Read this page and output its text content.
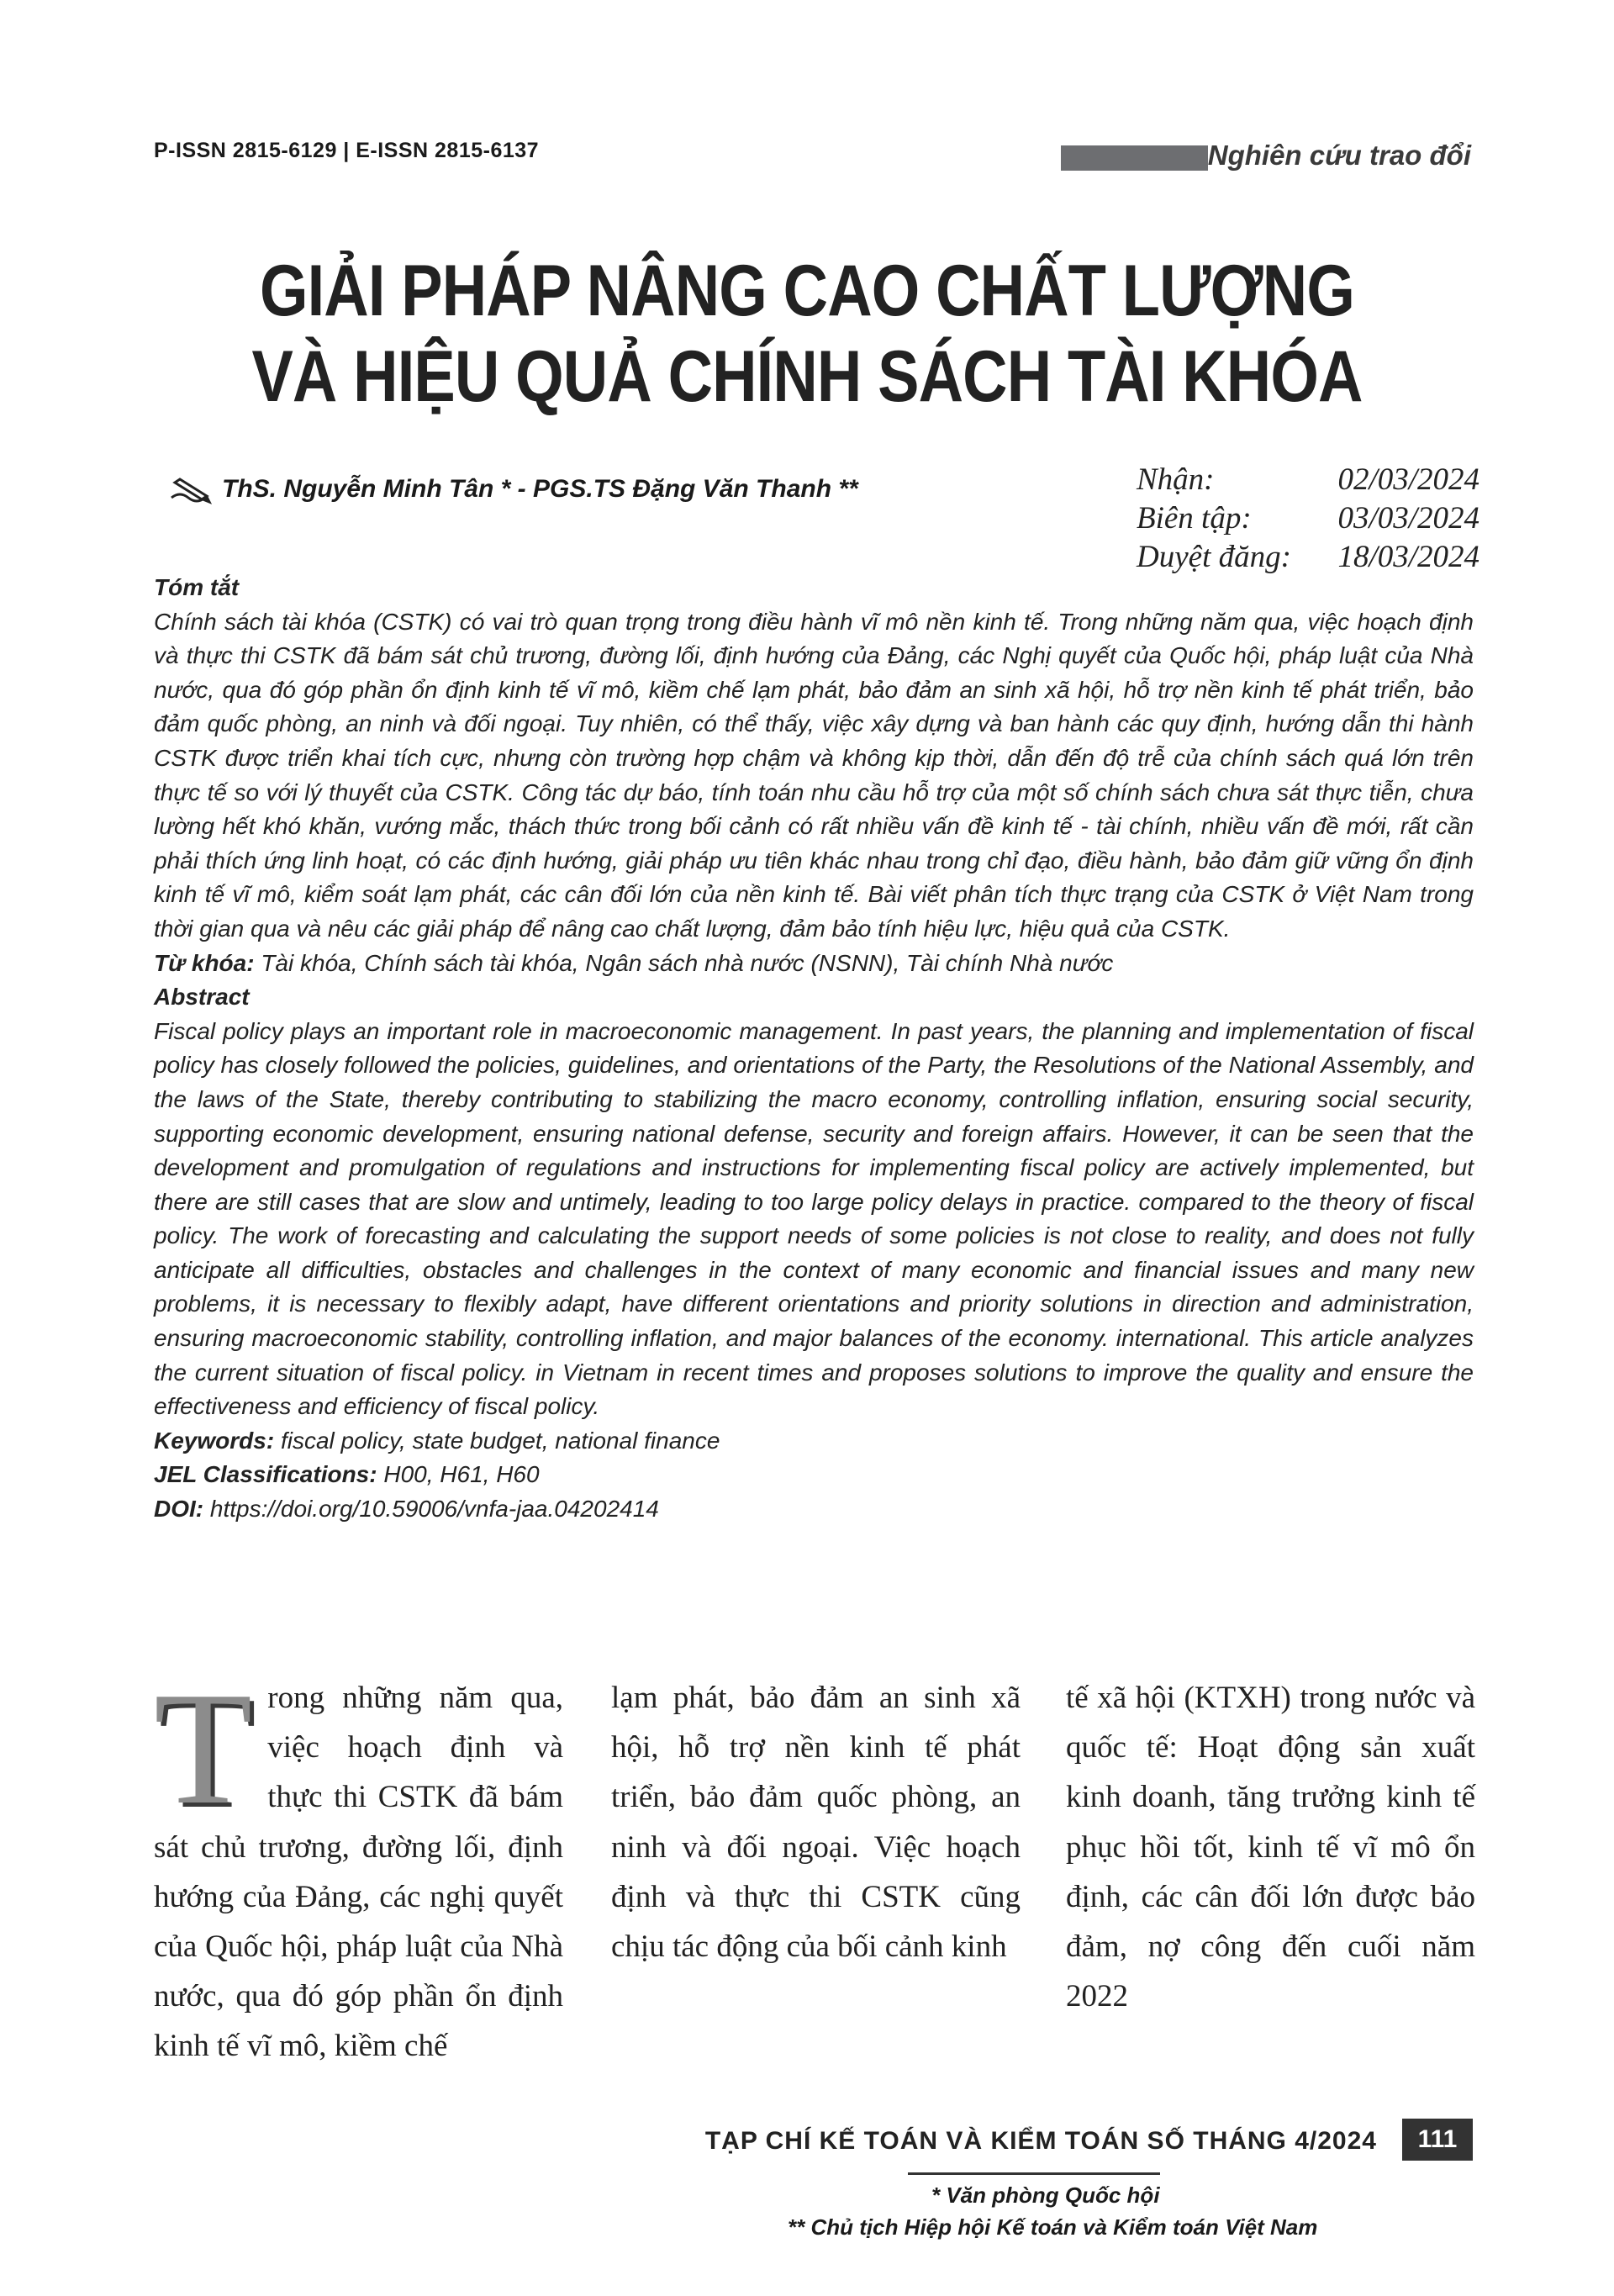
P-ISSN 2815-6129 | E-ISSN 2815-6137	Nghiên cứu trao đổi
GIẢI PHÁP NÂNG CAO CHẤT LƯỢNG
VÀ HIỆU QUẢ CHÍNH SÁCH TÀI KHÓA
ThS. Nguyễn Minh Tân * - PGS.TS Đặng Văn Thanh **	Nhận:	02/03/2024
Biên tập:	03/03/2024
Duyệt đăng: 18/03/2024

Tóm tắt

Chính sách tài khóa (CSTK) có vai trò quan trọng trong điều hành vĩ mô nền kinh tế. Trong những năm qua, việc hoạch định và thực thi CSTK đã bám sát chủ trương, đường lối, định hướng của Đảng, các Nghị quyết của Quốc hội, pháp luật của Nhà nước, qua đó góp phần ổn định kinh tế vĩ mô, kiềm chế lạm phát, bảo đảm an sinh xã hội, hỗ trợ nền kinh tế phát triển, bảo đảm quốc phòng, an ninh và đối ngoại. Tuy nhiên, có thể thấy, việc xây dựng và ban hành các quy định, hướng dẫn thi hành CSTK được triển khai tích cực, nhưng còn trường hợp chậm và không kịp thời, dẫn đến độ trễ của chính sách quá lớn trên thực tế so với lý thuyết của CSTK. Công tác dự báo, tính toán nhu cầu hỗ trợ của một số chính sách chưa sát thực tiễn, chưa lường hết khó khăn, vướng mắc, thách thức trong bối cảnh có rất nhiều vấn đề kinh tế - tài chính, nhiều vấn đề mới, rất cần phải thích ứng linh hoạt, có các định hướng, giải pháp ưu tiên khác nhau trong chỉ đạo, điều hành, bảo đảm giữ vững ổn định kinh tế vĩ mô, kiểm soát lạm phát, các cân đối lớn của nền kinh tế. Bài viết phân tích thực trạng của CSTK ở Việt Nam trong thời gian qua và nêu các giải pháp để nâng cao chất lượng, đảm bảo tính hiệu lực, hiệu quả của CSTK.

Từ khóa: Tài khóa, Chính sách tài khóa, Ngân sách nhà nước (NSNN), Tài chính Nhà nước

Abstract

Fiscal policy plays an important role in macroeconomic management. In past years, the planning and implementation of fiscal policy has closely followed the policies, guidelines, and orientations of the Party, the Resolutions of the National Assembly, and the laws of the State, thereby contributing to stabilizing the macro economy, controlling inflation, ensuring social security, supporting economic development, ensuring national defense, security and foreign affairs. However, it can be seen that the development and promulgation of regulations and instructions for implementing fiscal policy are actively implemented, but there are still cases that are slow and untimely, leading to too large policy delays in practice. compared to the theory of fiscal policy. The work of forecasting and calculating the support needs of some policies is not close to reality, and does not fully anticipate all difficulties, obstacles and challenges in the context of many economic and financial issues and many new problems, it is necessary to flexibly adapt, have different orientations and priority solutions in direction and administration, ensuring macroeconomic stability, controlling inflation, and major balances of the economy. international. This article analyzes the current situation of fiscal policy. in Vietnam in recent times and proposes solutions to improve the quality and ensure the effectiveness and efficiency of fiscal policy.

Keywords: fiscal policy, state budget, national finance

JEL Classifications: H00, H61, H60

DOI: https://doi.org/10.59006/vnfa-jaa.04202414

Trong những năm qua, việc hoạch định và thực thi CSTK đã bám sát chủ trương, đường lối, định hướng của Đảng, các nghị quyết của Quốc hội, pháp luật của Nhà nước, qua đó góp phần ổn định kinh tế vĩ mô, kiềm chế
lạm phát, bảo đảm an sinh xã hội, hỗ trợ nền kinh tế phát triển, bảo đảm quốc phòng, an ninh và đối ngoại. Việc hoạch định và thực thi CSTK cũng chịu tác động của bối cảnh kinh
tế xã hội (KTXH) trong nước và quốc tế: Hoạt động sản xuất kinh doanh, tăng trưởng kinh tế phục hồi tốt, kinh tế vĩ mô ổn định, các cân đối lớn được bảo đảm, nợ công đến cuối năm 2022
* Văn phòng Quốc hội
** Chủ tịch Hiệp hội Kế toán và Kiểm toán Việt Nam
TẠP CHÍ KẾ TOÁN VÀ KIỂM TOÁN SỐ THÁNG 4/2024	111
